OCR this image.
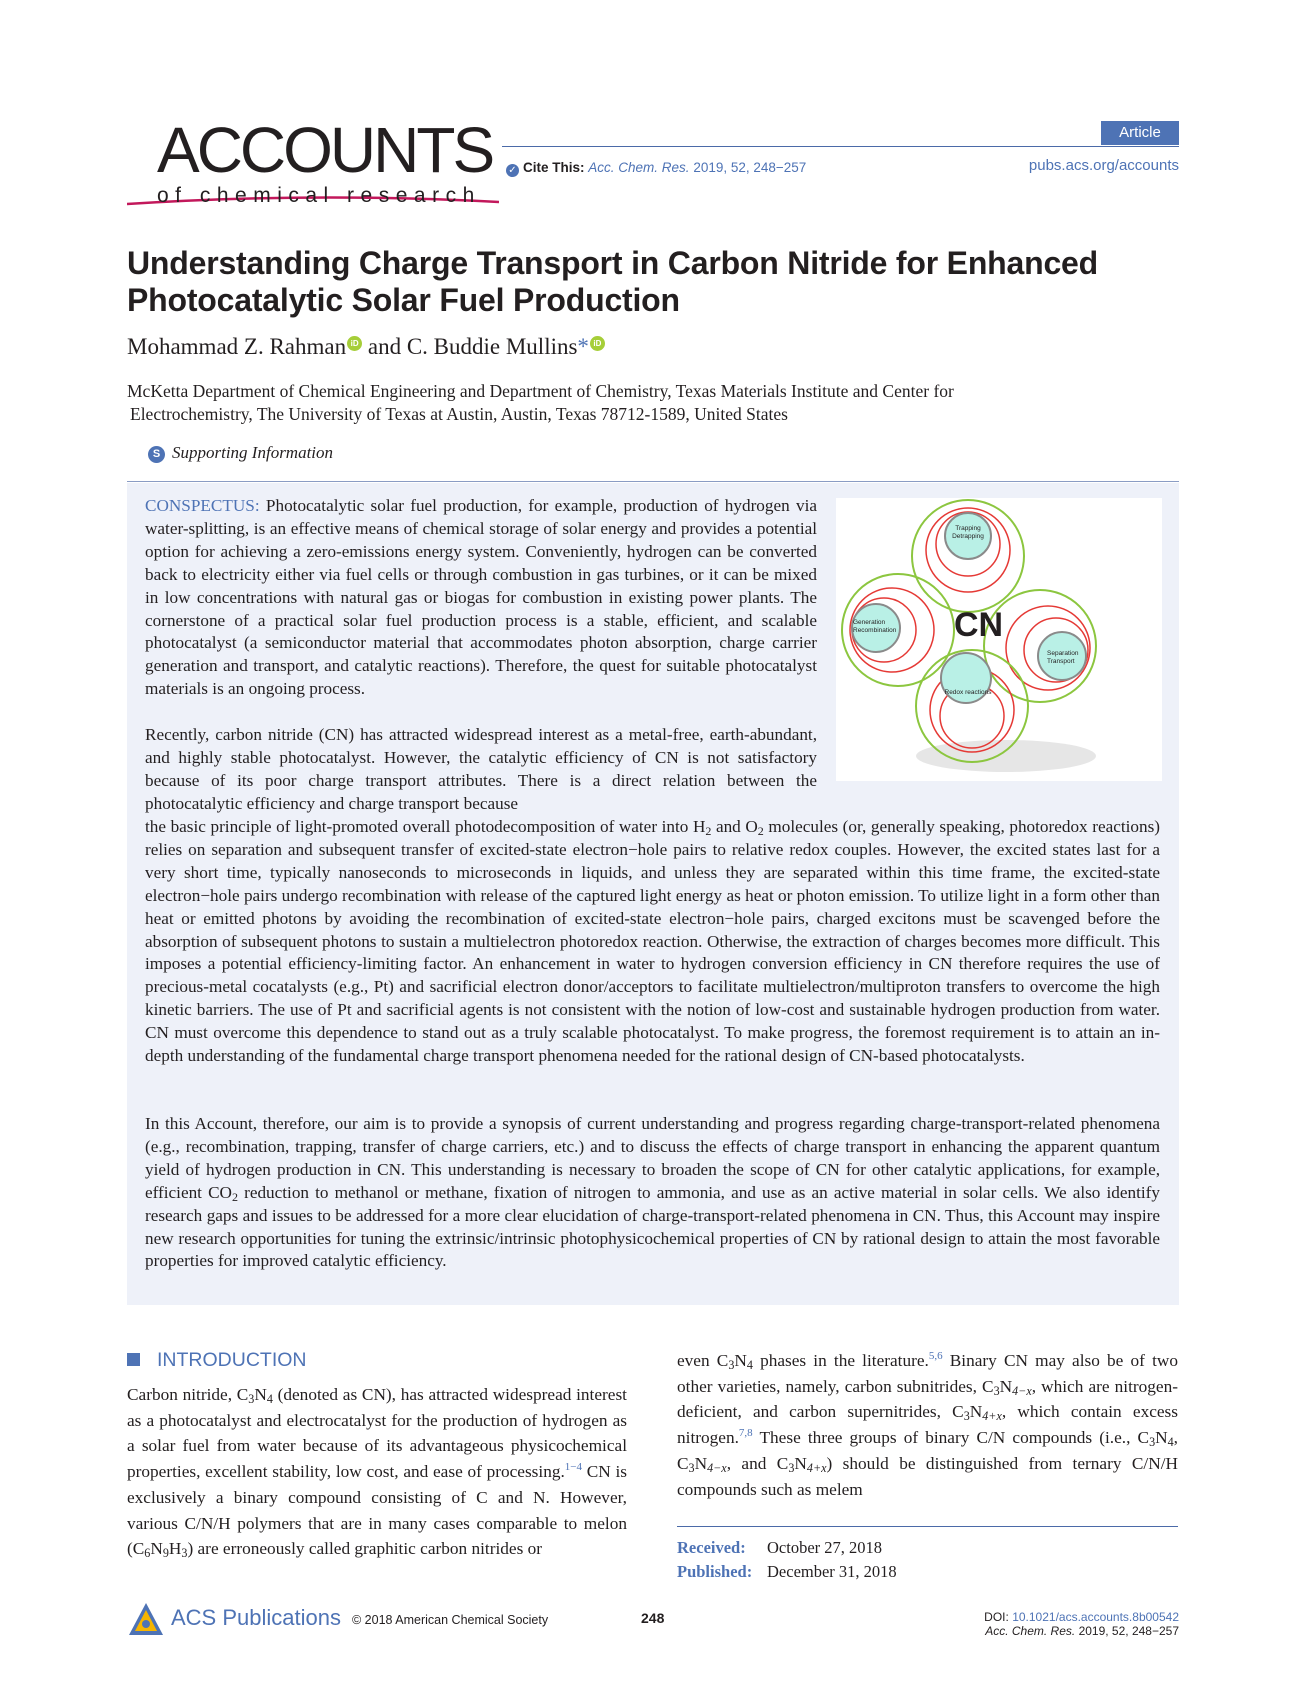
ACCOUNTS
of chemical research
Article
✓ Cite This: Acc. Chem. Res. 2019, 52, 248−257	pubs.acs.org/accounts
Understanding Charge Transport in Carbon Nitride for Enhanced
Photocatalytic Solar Fuel Production
Mohammad Z. Rahman iD and C. Buddie Mullins* iD
McKetta Department of Chemical Engineering and Department of Chemistry, Texas Materials Institute and Center for
Electrochemistry, The University of Texas at Austin, Austin, Texas 78712-1589, United States
S Supporting Information
CN
Trapping
Detrapping
Generation
Recombination
Separation
Transport
Redox reactions
CONSPECTUS: Photocatalytic solar fuel production, for example, production of hydrogen via water-splitting, is an effective means of chemical storage of solar energy and provides a potential option for achieving a zero-emissions energy system. Conveniently, hydrogen can be converted back to electricity either via fuel cells or through combustion in gas turbines, or it can be mixed in low concentrations with natural gas or biogas for combustion in existing power plants. The cornerstone of a practical solar fuel production process is a stable, efficient, and scalable photocatalyst (a semiconductor material that accommodates photon absorption, charge carrier generation and transport, and catalytic reactions). Therefore, the quest for suitable photocatalyst materials is an ongoing process.
Recently, carbon nitride (CN) has attracted widespread interest as a metal-free, earth-abundant, and highly stable photocatalyst. However, the catalytic efficiency of CN is not satisfactory because of its poor charge transport attributes. There is a direct relation between the photocatalytic efficiency and charge transport because
the basic principle of light-promoted overall photodecomposition of water into $H_2$ and $O_2$ molecules (or, generally speaking, photoredox reactions) relies on separation and subsequent transfer of excited-state electron−hole pairs to relative redox couples. However, the excited states last for a very short time, typically nanoseconds to microseconds in liquids, and unless they are separated within this time frame, the excited-state electron−hole pairs undergo recombination with release of the captured light energy as heat or photon emission. To utilize light in a form other than heat or emitted photons by avoiding the recombination of excited-state electron−hole pairs, charged excitons must be scavenged before the absorption of subsequent photons to sustain a multielectron photoredox reaction. Otherwise, the extraction of charges becomes more difficult. This imposes a potential efficiency-limiting factor. An enhancement in water to hydrogen conversion efficiency in CN therefore requires the use of precious-metal cocatalysts (e.g., Pt) and sacrificial electron donor/acceptors to facilitate multielectron/multiproton transfers to overcome the high kinetic barriers. The use of Pt and sacrificial agents is not consistent with the notion of low-cost and sustainable hydrogen production from water. CN must overcome this dependence to stand out as a truly scalable photocatalyst. To make progress, the foremost requirement is to attain an in-depth understanding of the fundamental charge transport phenomena needed for the rational design of CN-based photocatalysts.
In this Account, therefore, our aim is to provide a synopsis of current understanding and progress regarding charge-transport-related phenomena (e.g., recombination, trapping, transfer of charge carriers, etc.) and to discuss the effects of charge transport in enhancing the apparent quantum yield of hydrogen production in CN. This understanding is necessary to broaden the scope of CN for other catalytic applications, for example, efficient $CO_2$ reduction to methanol or methane, fixation of nitrogen to ammonia, and use as an active material in solar cells. We also identify research gaps and issues to be addressed for a more clear elucidation of charge-transport-related phenomena in CN. Thus, this Account may inspire new research opportunities for tuning the extrinsic/intrinsic photophysicochemical properties of CN by rational design to attain the most favorable properties for improved catalytic efficiency.
INTRODUCTION
Carbon nitride, $C_3N_4$ (denoted as CN), has attracted widespread interest as a photocatalyst and electrocatalyst for the production of hydrogen as a solar fuel from water because of its advantageous physicochemical properties, excellent stability, low cost, and ease of processing.$^{1-4}$ CN is exclusively a binary compound consisting of C and N. However, various C/N/H polymers that are in many cases comparable to melon $(C_6N_9H_3)$ are erroneously called graphitic carbon nitrides or
even $C_3N_4$ phases in the literature.$^{5,6}$ Binary CN may also be of two other varieties, namely, carbon subnitrides, $C_3N4-x$, which are nitrogen-deficient, and carbon supernitrides, $C_3N4+x$, which contain excess nitrogen.$^{7,8}$ These three groups of binary C/N compounds (i.e., $C_3N_4$, $C_3N4-x$, and $C_3N4+x$) should be distinguished from ternary C/N/H compounds such as melem
Received: October 27, 2018
Published: December 31, 2018
ACS Publications © 2018 American Chemical Society	248	DOI: 10.1021/acs.accounts.8b00542
Acc. Chem. Res. 2019, 52, 248−257
